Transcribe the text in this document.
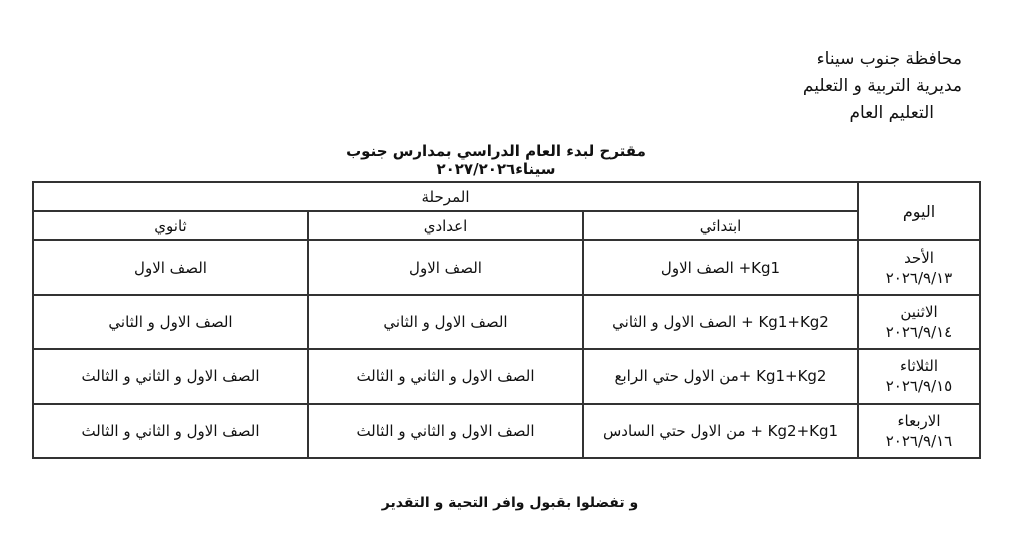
محافظة جنوب سيناء
مديرية التربية و التعليم
التعليم العام
مقترح لبدء العام الدراسي بمدارس جنوب سيناء٢٠٢٧/٢٠٢٦
اليوم	المرحلة		
	ابتدائي	اعدادي	ثانوي

الأحد
٢٠٢٦/٩/١٣	Kg1+ الصف الاول	الصف الاول	الصف الاول

الاثنين
٢٠٢٦/٩/١٤	Kg1+Kg2 + الصف الاول و الثاني	الصف الاول و الثاني	الصف الاول و الثاني

الثلاثاء
٢٠٢٦/٩/١٥	Kg1+Kg2 +من الاول حتي الرابع	الصف الاول و الثاني و الثالث	الصف الاول و الثاني و الثالث

الاربعاء
٢٠٢٦/٩/١٦	Kg2+Kg1 + من الاول حتي السادس	الصف الاول و الثاني و الثالث	الصف الاول و الثاني و الثالث
و تفضلوا بقبول وافر التحية و التقدير
